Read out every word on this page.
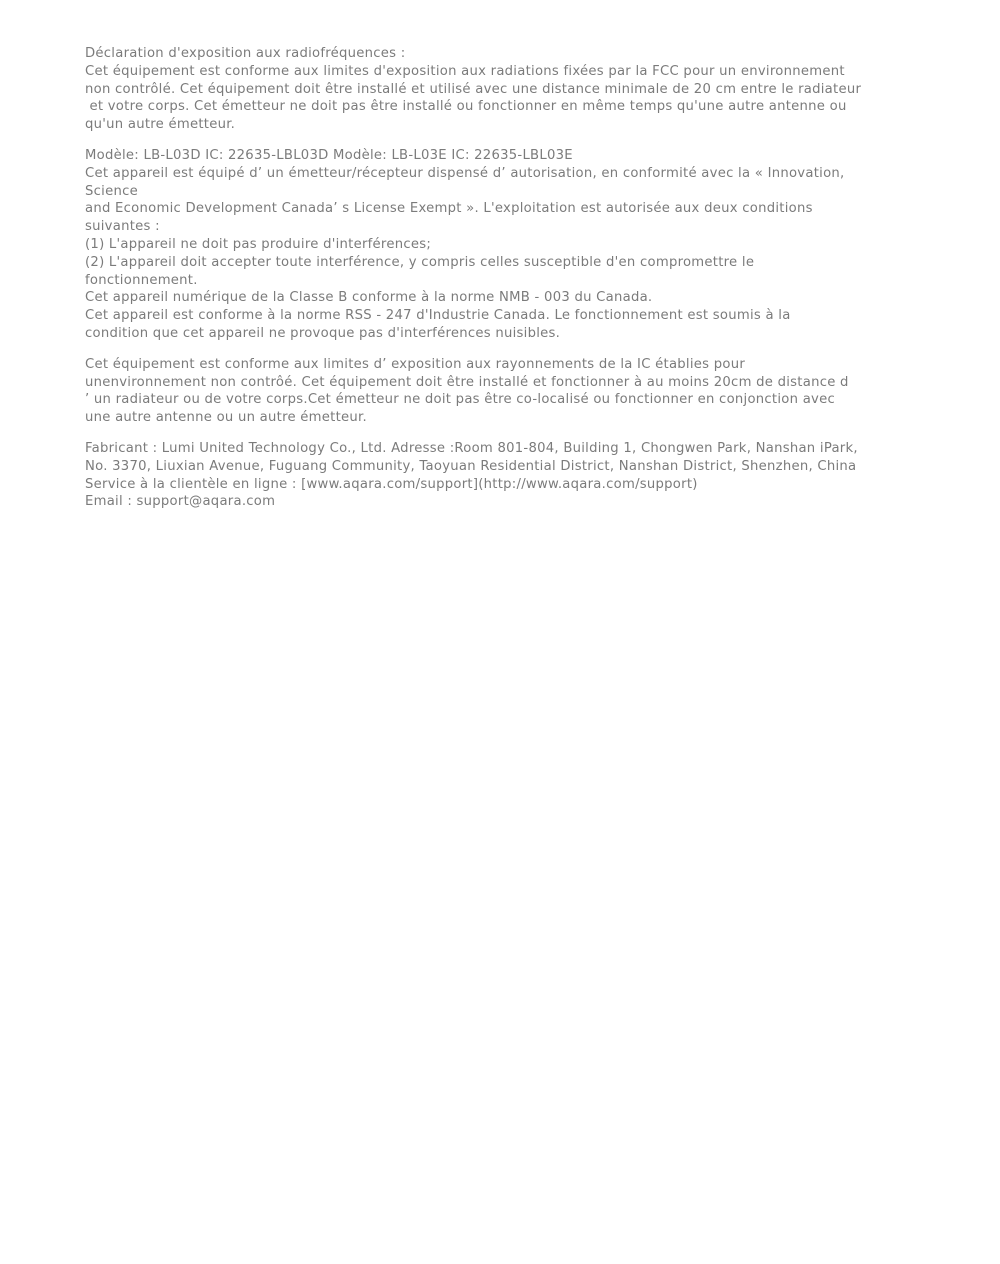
Déclaration d'exposition aux radiofréquences :
Cet équipement est conforme aux limites d'exposition aux radiations fixées par la FCC pour un environnement
non contrôlé. Cet équipement doit être installé et utilisé avec une distance minimale de 20 cm entre le radiateur
et votre corps. Cet émetteur ne doit pas être installé ou fonctionner en même temps qu'une autre antenne ou
qu'un autre émetteur.

Modèle: LB-L03D IC: 22635-LBL03D Modèle: LB-L03E IC: 22635-LBL03E
Cet appareil est équipé d’ un émetteur/récepteur dispensé d’ autorisation, en conformité avec la « Innovation,
Science
and Economic Development Canada’ s License Exempt ». L'exploitation est autorisée aux deux conditions
suivantes :
(1) L'appareil ne doit pas produire d'interférences;
(2) L'appareil doit accepter toute interférence, y compris celles susceptible d'en compromettre le
fonctionnement.
Cet appareil numérique de la Classe B conforme à la norme NMB - 003 du Canada.
Cet appareil est conforme à la norme RSS - 247 d'Industrie Canada. Le fonctionnement est soumis à la
condition que cet appareil ne provoque pas d'interférences nuisibles.

Cet équipement est conforme aux limites d’ exposition aux rayonnements de la IC établies pour
unenvironnement non contrôé. Cet équipement doit être installé et fonctionner à au moins 20cm de distance d
’ un radiateur ou de votre corps.Cet émetteur ne doit pas être co-localisé ou fonctionner en conjonction avec
une autre antenne ou un autre émetteur.

Fabricant : Lumi United Technology Co., Ltd. Adresse :Room 801-804, Building 1, Chongwen Park, Nanshan iPark,
No. 3370, Liuxian Avenue, Fuguang Community, Taoyuan Residential District, Nanshan District, Shenzhen, China
Service à la clientèle en ligne : [www.aqara.com/support](http://www.aqara.com/support)
Email : support@aqara.com
